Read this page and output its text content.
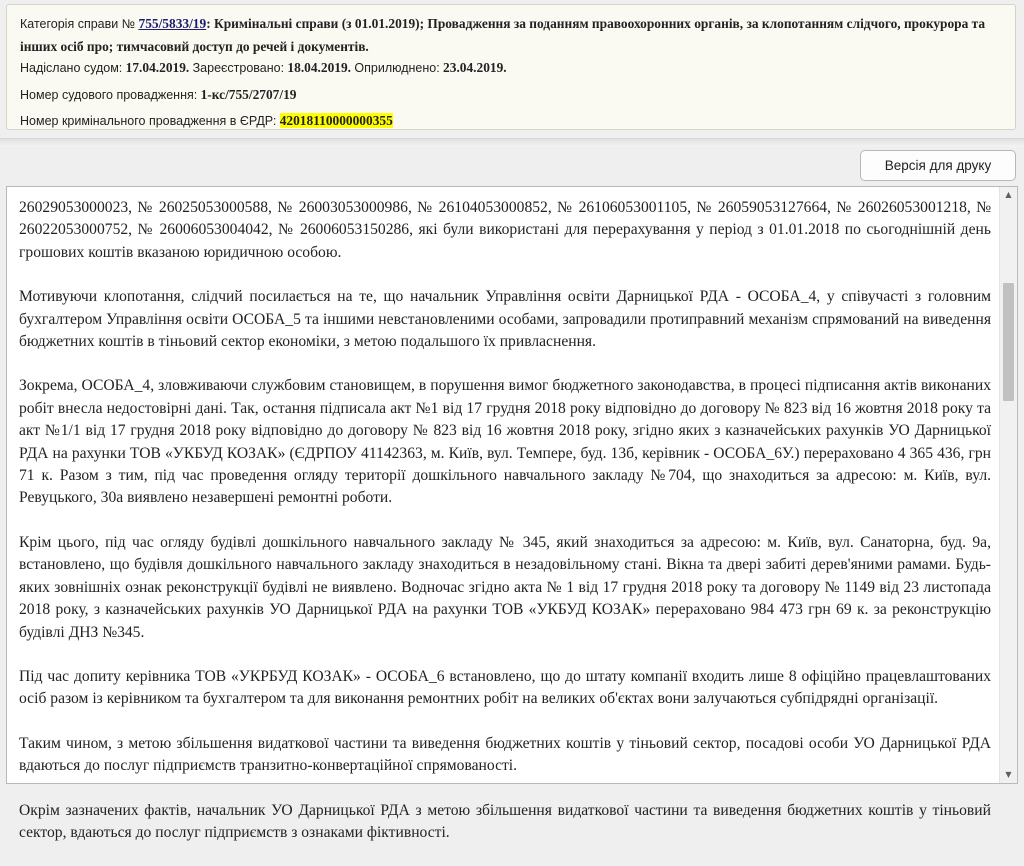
Категорія справи № 755/5833/19: Кримінальні справи (з 01.01.2019); Провадження за поданням правоохоронних органів, за клопотанням слідчого, прокурора та інших осіб про; тимчасовий доступ до речей і документів.
Надіслано судом: 17.04.2019. Зареєстровано: 18.04.2019. Оприлюднено: 23.04.2019.
Номер судового провадження: 1-кс/755/2707/19
Номер кримінального провадження в ЄРДР: 42018110000000355
Версія для друку

26029053000023, № 26025053000588, № 26003053000986, № 26104053000852, № 26106053001105, № 26059053127664, № 26026053001218, № 26022053000752, № 26006053004042, № 26006053150286, які були використані для перерахування у період з 01.01.2018 по сьогоднішній день грошових коштів вказаною юридичною особою.

Мотивуючи клопотання, слідчий посилається на те, що начальник Управління освіти Дарницької РДА - ОСОБА_4, у співучасті з головним бухгалтером Управління освіти ОСОБА_5 та іншими невстановленими особами, запровадили протиправний механізм спрямований на виведення бюджетних коштів в тіньовий сектор економіки, з метою подальшого їх привласнення.

Зокрема, ОСОБА_4, зловживаючи службовим становищем, в порушення вимог бюджетного законодавства, в процесі підписання актів виконаних робіт внесла недостовірні дані. Так, остання підписала акт №1 від 17 грудня 2018 року відповідно до договору № 823 від 16 жовтня 2018 року та акт №1/1 від 17 грудня 2018 року відповідно до договору № 823 від 16 жовтня 2018 року, згідно яких з казначейських рахунків УО Дарницької РДА на рахунки ТОВ «УКБУД КОЗАК» (ЄДРПОУ 41142363, м. Київ, вул. Темпере, буд. 13б, керівник - ОСОБА_6У.) перераховано 4 365 436, грн 71 к. Разом з тим, під час проведення огляду території дошкільного навчального закладу №704, що знаходиться за адресою: м. Київ, вул. Ревуцького, 30а виявлено незавершені ремонтні роботи.

Крім цього, під час огляду будівлі дошкільного навчального закладу № 345, який знаходиться за адресою: м. Київ, вул. Санаторна, буд. 9а, встановлено, що будівля дошкільного навчального закладу знаходиться в незадовільному стані. Вікна та двері забиті дерев'яними рамами. Будь-яких зовнішніх ознак реконструкції будівлі не виявлено. Водночас згідно акта № 1 від 17 грудня 2018 року та договору № 1149 від 23 листопада 2018 року, з казначейських рахунків УО Дарницької РДА на рахунки ТОВ «УКБУД КОЗАК» перераховано 984 473 грн 69 к. за реконструкцію будівлі ДНЗ №345.

Під час допиту керівника ТОВ «УКРБУД КОЗАК» - ОСОБА_6 встановлено, що до штату компанії входить лише 8 офіційно працевлаштованих осіб разом із керівником та бухгалтером та для виконання ремонтних робіт на великих об'єктах вони залучаються субпідрядні організації.

Таким чином, з метою збільшення видаткової частини та виведення бюджетних коштів у тіньовий сектор, посадові особи УО Дарницької РДА вдаються до послуг підприємств транзитно-конвертаційної спрямованості.

Окрім зазначених фактів, начальник УО Дарницької РДА з метою збільшення видаткової частини та виведення бюджетних коштів у тіньовий сектор, вдаються до послуг підприємств з ознаками фіктивності.

▲
▼
